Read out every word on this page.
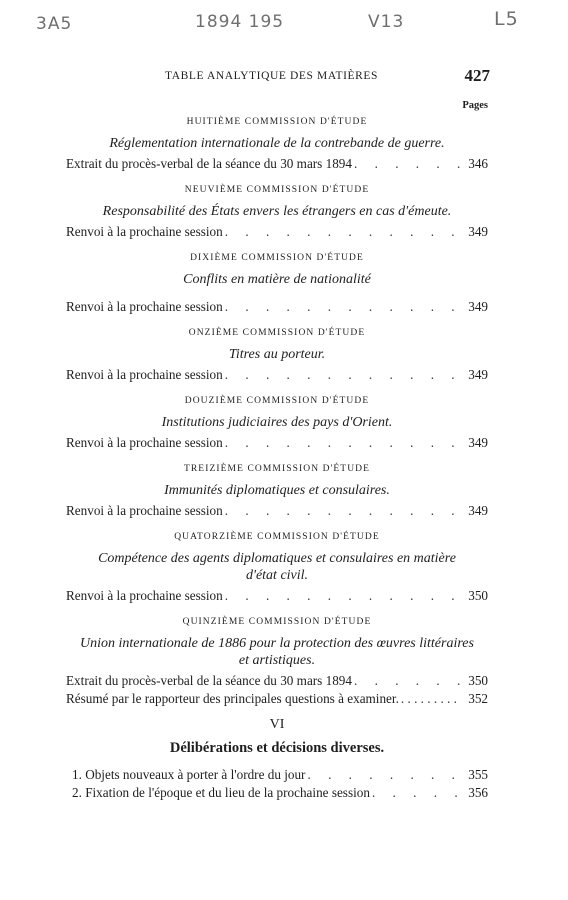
3A5	1894 195	V13	L5
TABLE ANALYTIQUE DES MATIÈRES	427
Pages
HUITIÈME COMMISSION D'ÉTUDE
Réglementation internationale de la contrebande de guerre.
Extrait du procès-verbal de la séance du 30 mars 1894 . . .	346
NEUVIÈME COMMISSION D'ÉTUDE
Responsabilité des États envers les étrangers en cas d'émeute.
Renvoi à la prochaine session . . .	349
DIXIÈME COMMISSION D'ÉTUDE
Conflits en matière de nationalité
Renvoi à la prochaine session . . .	349
ONZIÈME COMMISSION D'ÉTUDE
Titres au porteur.
Renvoi à la prochaine session . . .	349
DOUZIÈME COMMISSION D'ÉTUDE
Institutions judiciaires des pays d'Orient.
Renvoi à la prochaine session . . .	349
TREIZIÈME COMMISSION D'ÉTUDE
Immunités diplomatiques et consulaires.
Renvoi à la prochaine session . . .	349
QUATORZIÈME COMMISSION D'ÉTUDE
Compétence des agents diplomatiques et consulaires en matière
d'état civil.
Renvoi à la prochaine session . . .	350
QUINZIÈME COMMISSION D'ÉTUDE
Union internationale de 1886 pour la protection des œuvres littéraires
et artistiques.
Extrait du procès-verbal de la séance du 30 mars 1894 . . .	350
Résumé par le rapporteur des principales questions à examiner. . . .	352
VI
Délibérations et décisions diverses.
1. Objets nouveaux à porter à l'ordre du jour . . .	355
2. Fixation de l'époque et du lieu de la prochaine session . . .	356
